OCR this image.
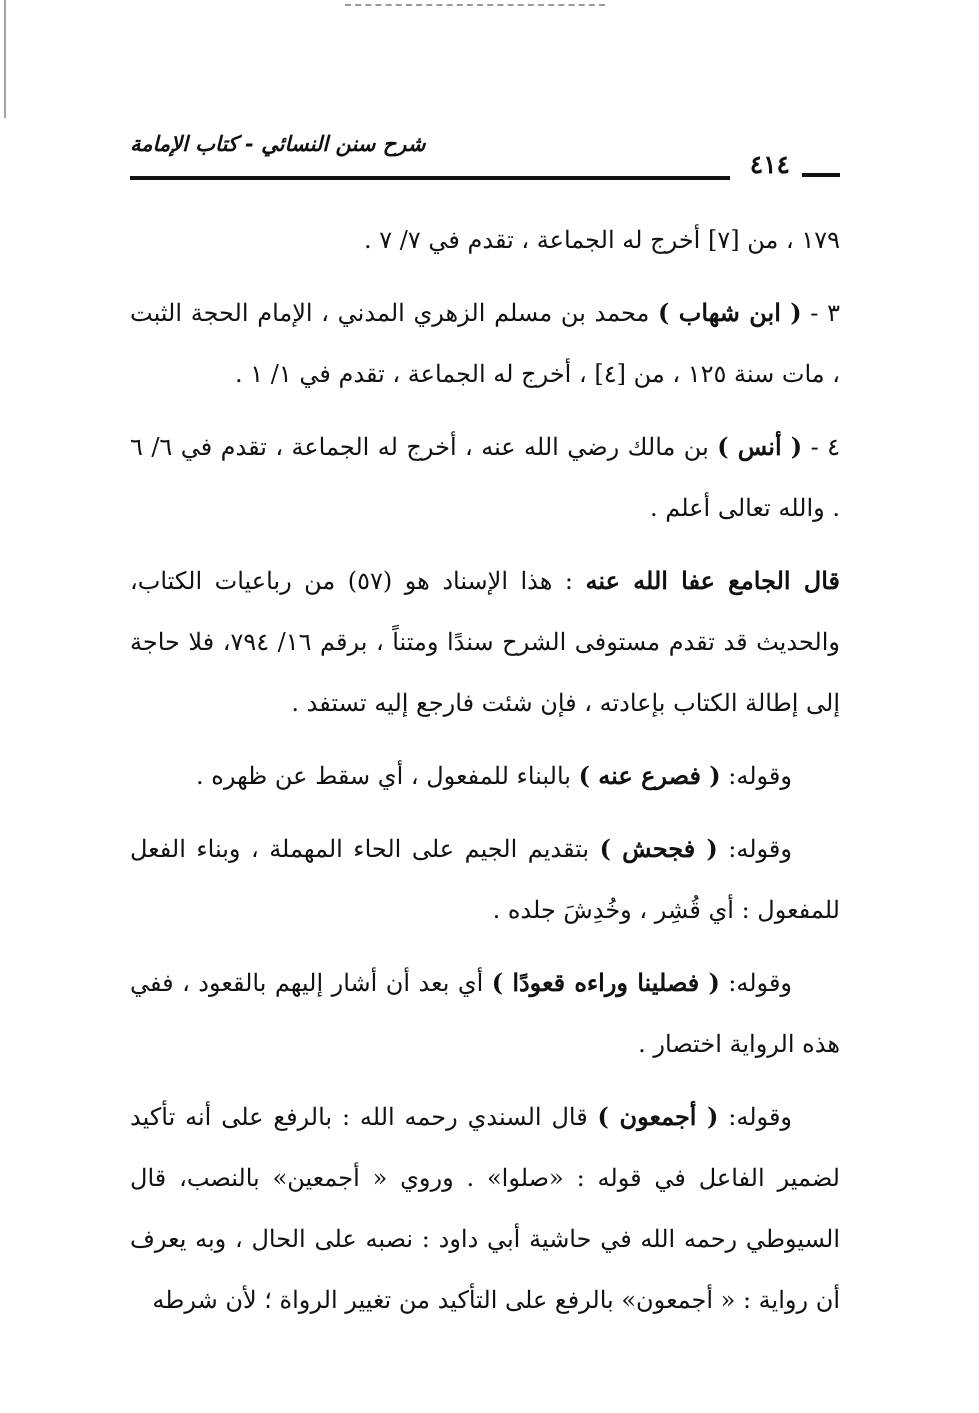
شرح سنن النسائي - كتاب الإمامة
٤١٤

١٧٩ ، من [٧] أخرج له الجماعة ، تقدم في ٧/ ٧ .

٣ - ( ابن شهاب ) محمد بن مسلم الزهري المدني ، الإمام الحجة الثبت ، مات سنة ١٢٥ ، من [٤] ، أخرج له الجماعة ، تقدم في ١/ ١ .

٤ - ( أنس ) بن مالك رضي الله عنه ، أخرج له الجماعة ، تقدم في ٦/ ٦ . والله تعالى أعلم .

قال الجامع عفا الله عنه : هذا الإسناد هو (٥٧) من رباعيات الكتاب، والحديث قد تقدم مستوفى الشرح سندًا ومتناً ، برقم ١٦/ ٧٩٤، فلا حاجة إلى إطالة الكتاب بإعادته ، فإن شئت فارجع إليه تستفد .

وقوله: ( فصرع عنه ) بالبناء للمفعول ، أي سقط عن ظهره .

وقوله: ( فجحش ) بتقديم الجيم على الحاء المهملة ، وبناء الفعل للمفعول : أي قُشِر ، وخُدِشَ جلده .

وقوله: ( فصلينا وراءه قعودًا ) أي بعد أن أشار إليهم بالقعود ، ففي هذه الرواية اختصار .

وقوله: ( أجمعون ) قال السندي رحمه الله : بالرفع على أنه تأكيد لضمير الفاعل في قوله : «صلوا» . وروي « أجمعين» بالنصب، قال السيوطي رحمه الله في حاشية أبي داود : نصبه على الحال ، وبه يعرف أن رواية : « أجمعون» بالرفع على التأكيد من تغيير الرواة ؛ لأن شرطه
